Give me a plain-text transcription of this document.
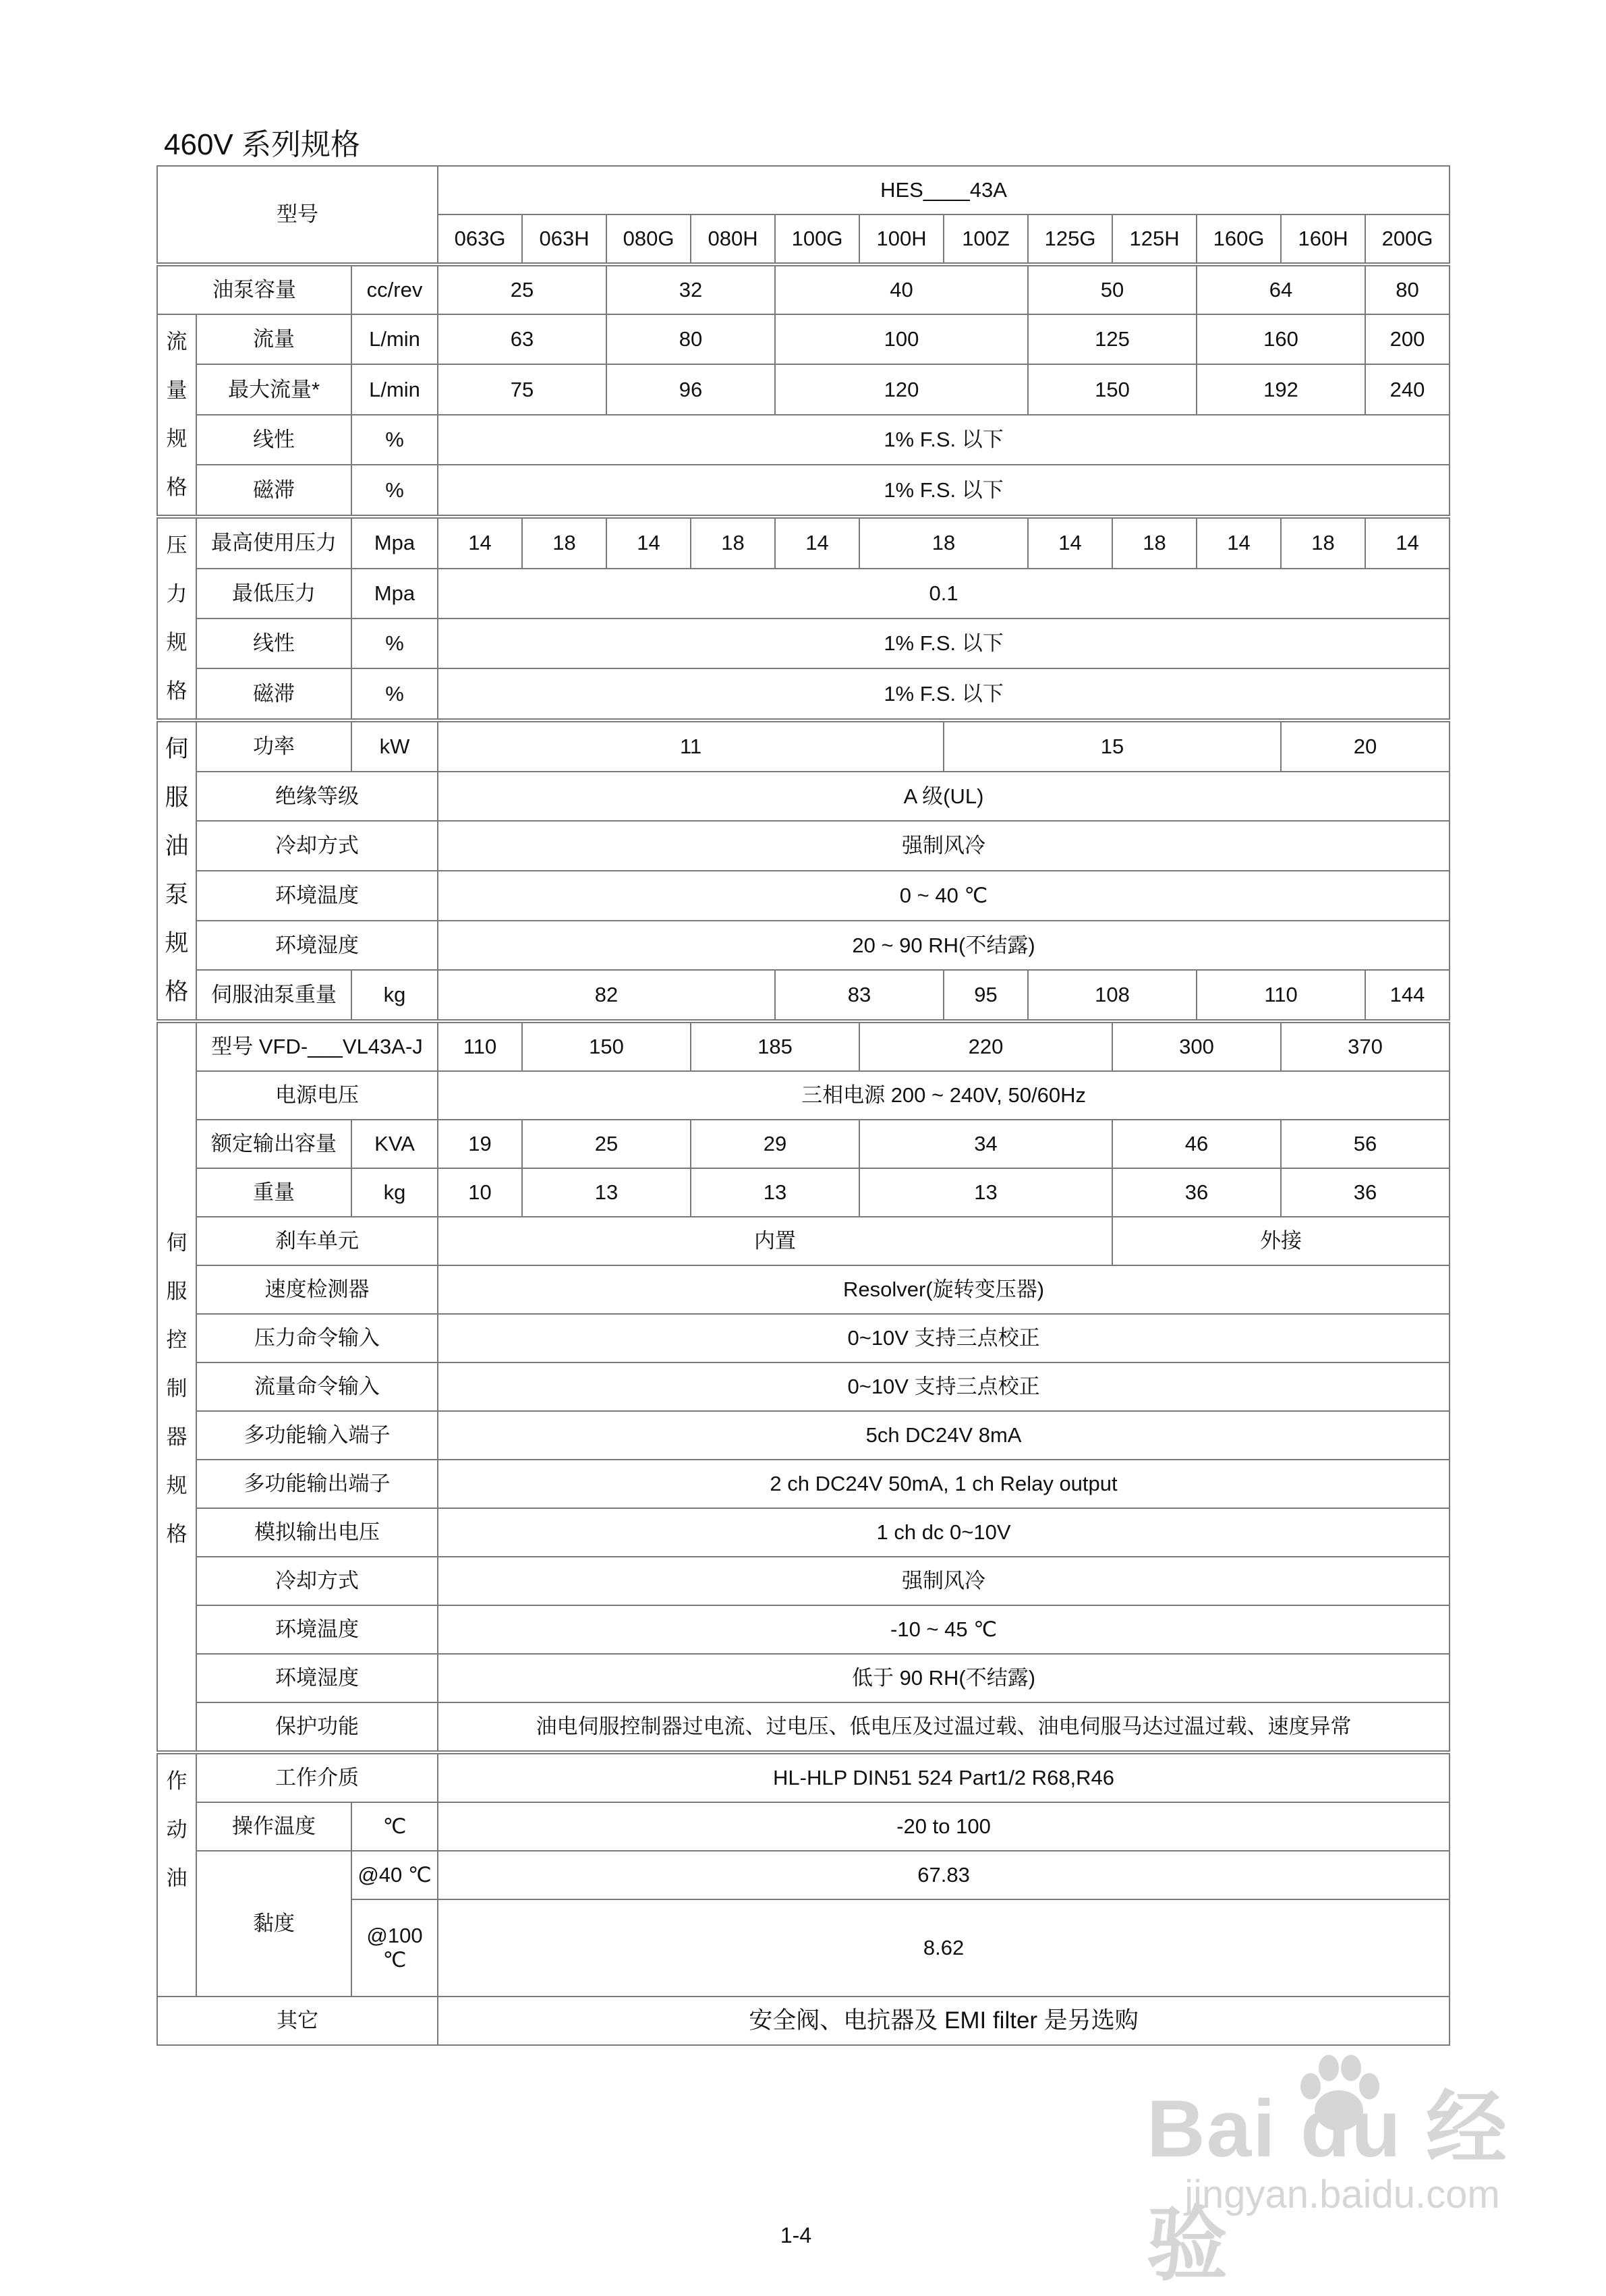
460V 系列规格
型号			HES____43A											
			063G	063H	080G	080H	100G	100H	100Z	125G	125H	160G	160H	200G
油泵容量		cc/rev	25		32		40			50		64		80
流量规格	流量	L/min	63		80		100			125		160		200
	最大流量*	L/min	75		96		120			150		192		240
	线性	%	1% F.S. 以下											
	磁滞	%	1% F.S. 以下											
压力规格	最高使用压力	Mpa	14	18	14	18	14	18		14	18	14	18	14
	最低压力	Mpa	0.1											
	线性	%	1% F.S. 以下											
	磁滞	%	1% F.S. 以下											
伺服油泵规格	功率	kW	11						15				20	
	绝缘等级		A 级(UL)											
	冷却方式		强制风冷											
	环境温度		0 ~ 40 ℃											
	环境湿度		20 ~ 90 RH(不结露)											
	伺服油泵重量	kg	82				83		95	108		110		144
伺服控制器规格	型号 VFD-___VL43A-J		110	150		185		220			300		370	
	电源电压		三相电源 200 ~ 240V, 50/60Hz											
	额定输出容量	KVA	19	25		29		34			46		56	
	重量	kg	10	13		13		13			36		36	
	刹车单元		内置								外接			
	速度检测器		Resolver(旋转变压器)											
	压力命令输入		0~10V 支持三点校正											
	流量命令输入		0~10V 支持三点校正											
	多功能输入端子		5ch DC24V 8mA											
	多功能输出端子		2 ch DC24V 50mA, 1 ch Relay output											
	模拟输出电压		1 ch dc 0~10V											
	冷却方式		强制风冷											
	环境温度		-10 ~ 45 ℃											
	环境湿度		低于 90 RH(不结露)											
	保护功能		油电伺服控制器过电流、过电压、低电压及过温过载、油电伺服马达过温过载、速度异常											
作动油	工作介质		HL-HLP DIN51 524 Part1/2 R68,R46											
	操作温度	℃	-20 to 100											
	黏度	@40 ℃	67.83											
		@100 ℃	8.62											
其它			安全阀、电抗器及 EMI filter 是另选购											
Bai du 经验
jingyan.baidu.com
1-4
